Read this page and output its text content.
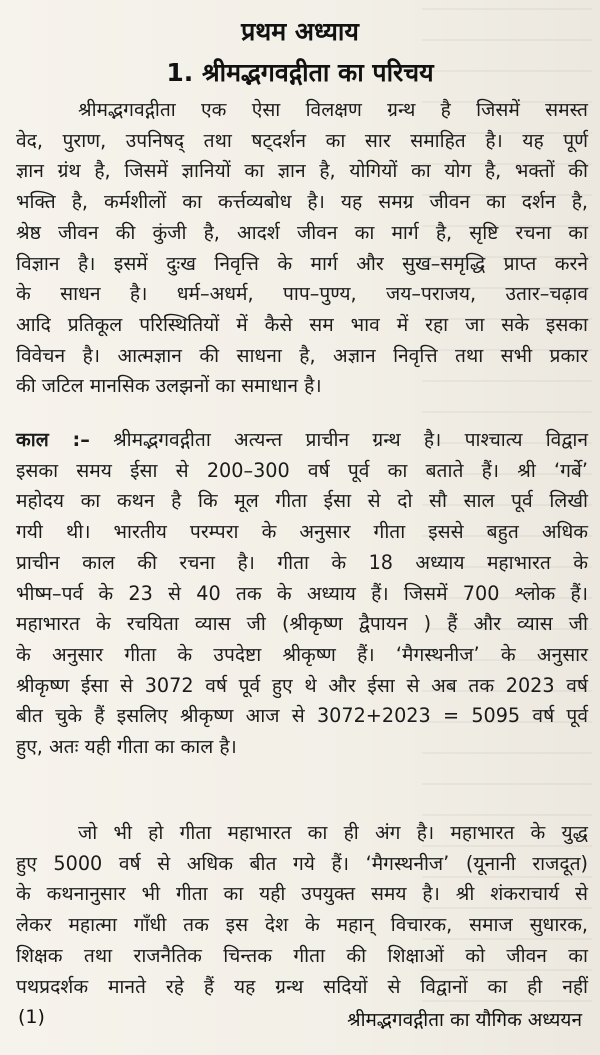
प्रथम अध्याय
1. श्रीमद्भगवद्गीता का परिचय
श्रीमद्भगवद्गीता एक ऐसा विलक्षण ग्रन्थ है जिसमें समस्त
वेद, पुराण, उपनिषद् तथा षट्दर्शन का सार समाहित है। यह पूर्ण
ज्ञान ग्रंथ है, जिसमें ज्ञानियों का ज्ञान है, योगियों का योग है, भक्तों की
भक्ति है, कर्मशीलों का कर्त्तव्यबोध है। यह समग्र जीवन का दर्शन है,
श्रेष्ठ जीवन की कुंजी है, आदर्श जीवन का मार्ग है, सृष्टि रचना का
विज्ञान है। इसमें दुःख निवृत्ति के मार्ग और सुख–समृद्धि प्राप्त करने
के साधन है। धर्म–अधर्म, पाप–पुण्य, जय–पराजय, उतार–चढ़ाव
आदि प्रतिकूल परिस्थितियों में कैसे सम भाव में रहा जा सके इसका
विवेचन है। आत्मज्ञान की साधना है, अज्ञान निवृत्ति तथा सभी प्रकार
की जटिल मानसिक उलझनों का समाधान है।
काल :– श्रीमद्भगवद्गीता अत्यन्त प्राचीन ग्रन्थ है। पाश्चात्य विद्वान
इसका समय ईसा से 200–300 वर्ष पूर्व का बताते हैं। श्री ‘गर्बे’
महोदय का कथन है कि मूल गीता ईसा से दो सौ साल पूर्व लिखी
गयी थी। भारतीय परम्परा के अनुसार गीता इससे बहुत अधिक
प्राचीन काल की रचना है। गीता के 18 अध्याय महाभारत के
भीष्म–पर्व के 23 से 40 तक के अध्याय हैं। जिसमें 700 श्लोक हैं।
महाभारत के रचयिता व्यास जी (श्रीकृष्ण द्वैपायन ) हैं और व्यास जी
के अनुसार गीता के उपदेष्टा श्रीकृष्ण हैं। ‘मैगस्थनीज’ के अनुसार
श्रीकृष्ण ईसा से 3072 वर्ष पूर्व हुए थे और ईसा से अब तक 2023 वर्ष
बीत चुके हैं इसलिए श्रीकृष्ण आज से 3072+2023 = 5095 वर्ष पूर्व
हुए, अतः यही गीता का काल है।
जो भी हो गीता महाभारत का ही अंग है। महाभारत के युद्ध
हुए 5000 वर्ष से अधिक बीत गये हैं। ‘मैगस्थनीज’ (यूनानी राजदूत)
के कथनानुसार भी गीता का यही उपयुक्त समय है। श्री शंकराचार्य से
लेकर महात्मा गाँधी तक इस देश के महान् विचारक, समाज सुधारक,
शिक्षक तथा राजनैतिक चिन्तक गीता की शिक्षाओं को जीवन का
पथप्रदर्शक मानते रहे हैं यह ग्रन्थ सदियों से विद्वानों का ही नहीं
(1)	श्रीमद्भगवद्गीता का यौगिक अध्ययन
